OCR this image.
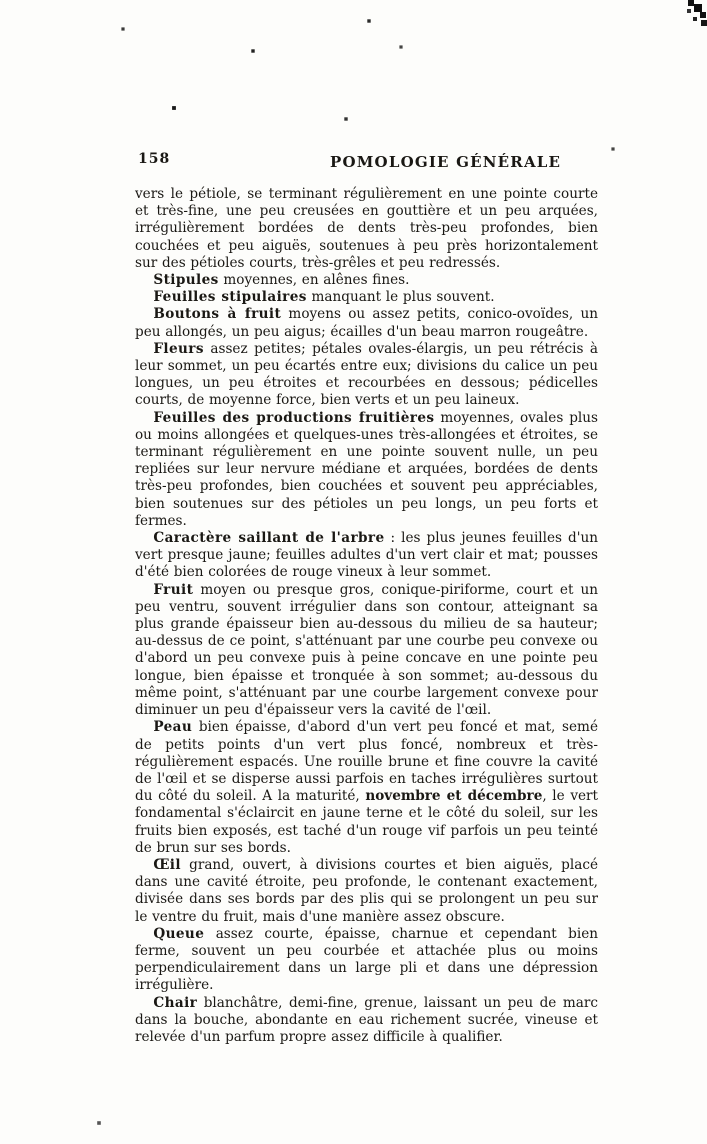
158	POMOLOGIE GÉNÉRALE

vers le pétiole, se terminant régulièrement en une pointe courte et très-fine, une peu creusées en gouttière et un peu arquées, irrégulièrement bordées de dents très-peu profondes, bien couchées et peu aiguës, soutenues à peu près horizontalement sur des pétioles courts, très-grêles et peu redressés.

Stipules moyennes, en alênes fines.

Feuilles stipulaires manquant le plus souvent.

Boutons à fruit moyens ou assez petits, conico-ovoïdes, un peu allongés, un peu aigus; écailles d'un beau marron rougeâtre.

Fleurs assez petites; pétales ovales-élargis, un peu rétrécis à leur sommet, un peu écartés entre eux; divisions du calice un peu longues, un peu étroites et recourbées en dessous; pédicelles courts, de moyenne force, bien verts et un peu laineux.

Feuilles des productions fruitières moyennes, ovales plus ou moins allongées et quelques-unes très-allongées et étroites, se terminant régulièrement en une pointe souvent nulle, un peu repliées sur leur nervure médiane et arquées, bordées de dents très-peu profondes, bien couchées et souvent peu appréciables, bien soutenues sur des pétioles un peu longs, un peu forts et fermes.

Caractère saillant de l'arbre : les plus jeunes feuilles d'un vert presque jaune; feuilles adultes d'un vert clair et mat; pousses d'été bien colorées de rouge vineux à leur sommet.

Fruit moyen ou presque gros, conique-piriforme, court et un peu ventru, souvent irrégulier dans son contour, atteignant sa plus grande épaisseur bien au-dessous du milieu de sa hauteur; au-dessus de ce point, s'atténuant par une courbe peu convexe ou d'abord un peu convexe puis à peine concave en une pointe peu longue, bien épaisse et tronquée à son sommet; au-dessous du même point, s'atténuant par une courbe largement convexe pour diminuer un peu d'épaisseur vers la cavité de l'œil.

Peau bien épaisse, d'abord d'un vert peu foncé et mat, semé de petits points d'un vert plus foncé, nombreux et très-régulièrement espacés. Une rouille brune et fine couvre la cavité de l'œil et se disperse aussi parfois en taches irrégulières surtout du côté du soleil. A la maturité, novembre et décembre, le vert fondamental s'éclaircit en jaune terne et le côté du soleil, sur les fruits bien exposés, est taché d'un rouge vif parfois un peu teinté de brun sur ses bords.

Œil grand, ouvert, à divisions courtes et bien aiguës, placé dans une cavité étroite, peu profonde, le contenant exactement, divisée dans ses bords par des plis qui se prolongent un peu sur le ventre du fruit, mais d'une manière assez obscure.

Queue assez courte, épaisse, charnue et cependant bien ferme, souvent un peu courbée et attachée plus ou moins perpendiculairement dans un large pli et dans une dépression irrégulière.

Chair blanchâtre, demi-fine, grenue, laissant un peu de marc dans la bouche, abondante en eau richement sucrée, vineuse et relevée d'un parfum propre assez difficile à qualifier.
